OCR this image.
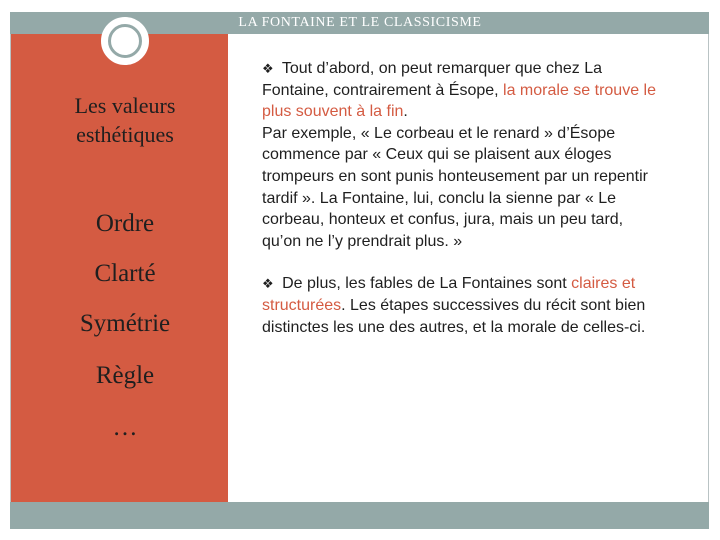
LA FONTAINE ET LE CLASSICISME
Les valeurs
esthétiques
Ordre
Clarté
Symétrie
Règle
…
❖ Tout d’abord, on peut remarquer que chez La Fontaine, contrairement à Ésope, la morale se trouve le plus souvent à la fin.
Par exemple, « Le corbeau et le renard » d’Ésope commence par « Ceux qui se plaisent aux éloges trompeurs en sont punis honteusement par un repentir tardif ». La Fontaine, lui, conclu la sienne par « Le corbeau, honteux et confus, jura, mais un peu tard, qu’on ne l’y prendrait plus. »
❖ De plus, les fables de La Fontaines sont claires et structurées. Les étapes successives du récit sont bien distinctes les une des autres, et la morale de celles-ci.
